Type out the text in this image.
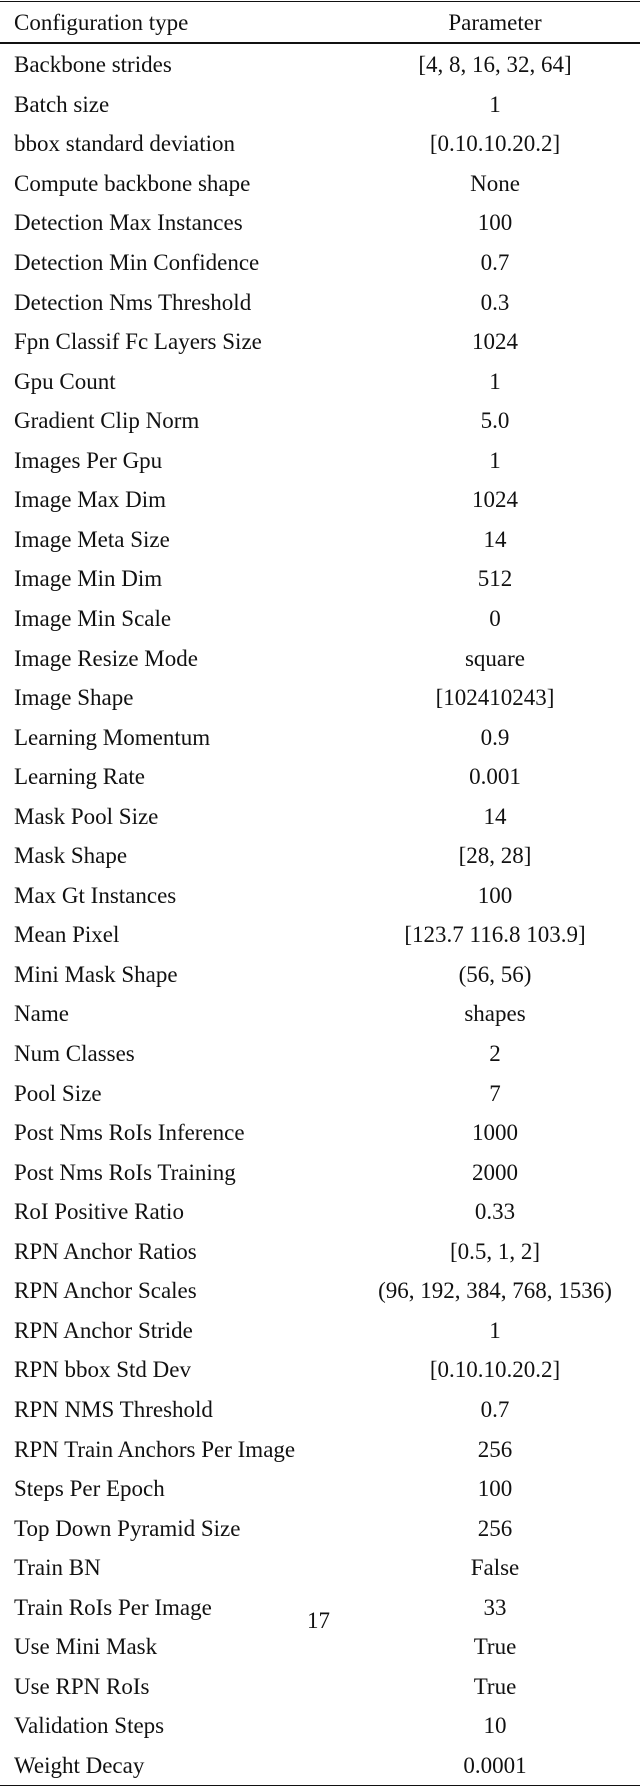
Configuration type	Parameter
Backbone strides	[4, 8, 16, 32, 64]
Batch size	1
bbox standard deviation	[0.10.10.20.2]
Compute backbone shape	None
Detection Max Instances	100
Detection Min Confidence	0.7
Detection Nms Threshold	0.3
Fpn Classif Fc Layers Size	1024
Gpu Count	1
Gradient Clip Norm	5.0
Images Per Gpu	1
Image Max Dim	1024
Image Meta Size	14
Image Min Dim	512
Image Min Scale	0
Image Resize Mode	square
Image Shape	[102410243]
Learning Momentum	0.9
Learning Rate	0.001
Mask Pool Size	14
Mask Shape	[28, 28]
Max Gt Instances	100
Mean Pixel	[123.7 116.8 103.9]
Mini Mask Shape	(56, 56)
Name	shapes
Num Classes	2
Pool Size	7
Post Nms RoIs Inference	1000
Post Nms RoIs Training	2000
RoI Positive Ratio	0.33
RPN Anchor Ratios	[0.5, 1, 2]
RPN Anchor Scales	(96, 192, 384, 768, 1536)
RPN Anchor Stride	1
RPN bbox Std Dev	[0.10.10.20.2]
RPN NMS Threshold	0.7
RPN Train Anchors Per Image	256
Steps Per Epoch	100
Top Down Pyramid Size	256
Train BN	False
Train RoIs Per Image	33
Use Mini Mask	True
Use RPN RoIs	True
Validation Steps	10
Weight Decay	0.0001
17
